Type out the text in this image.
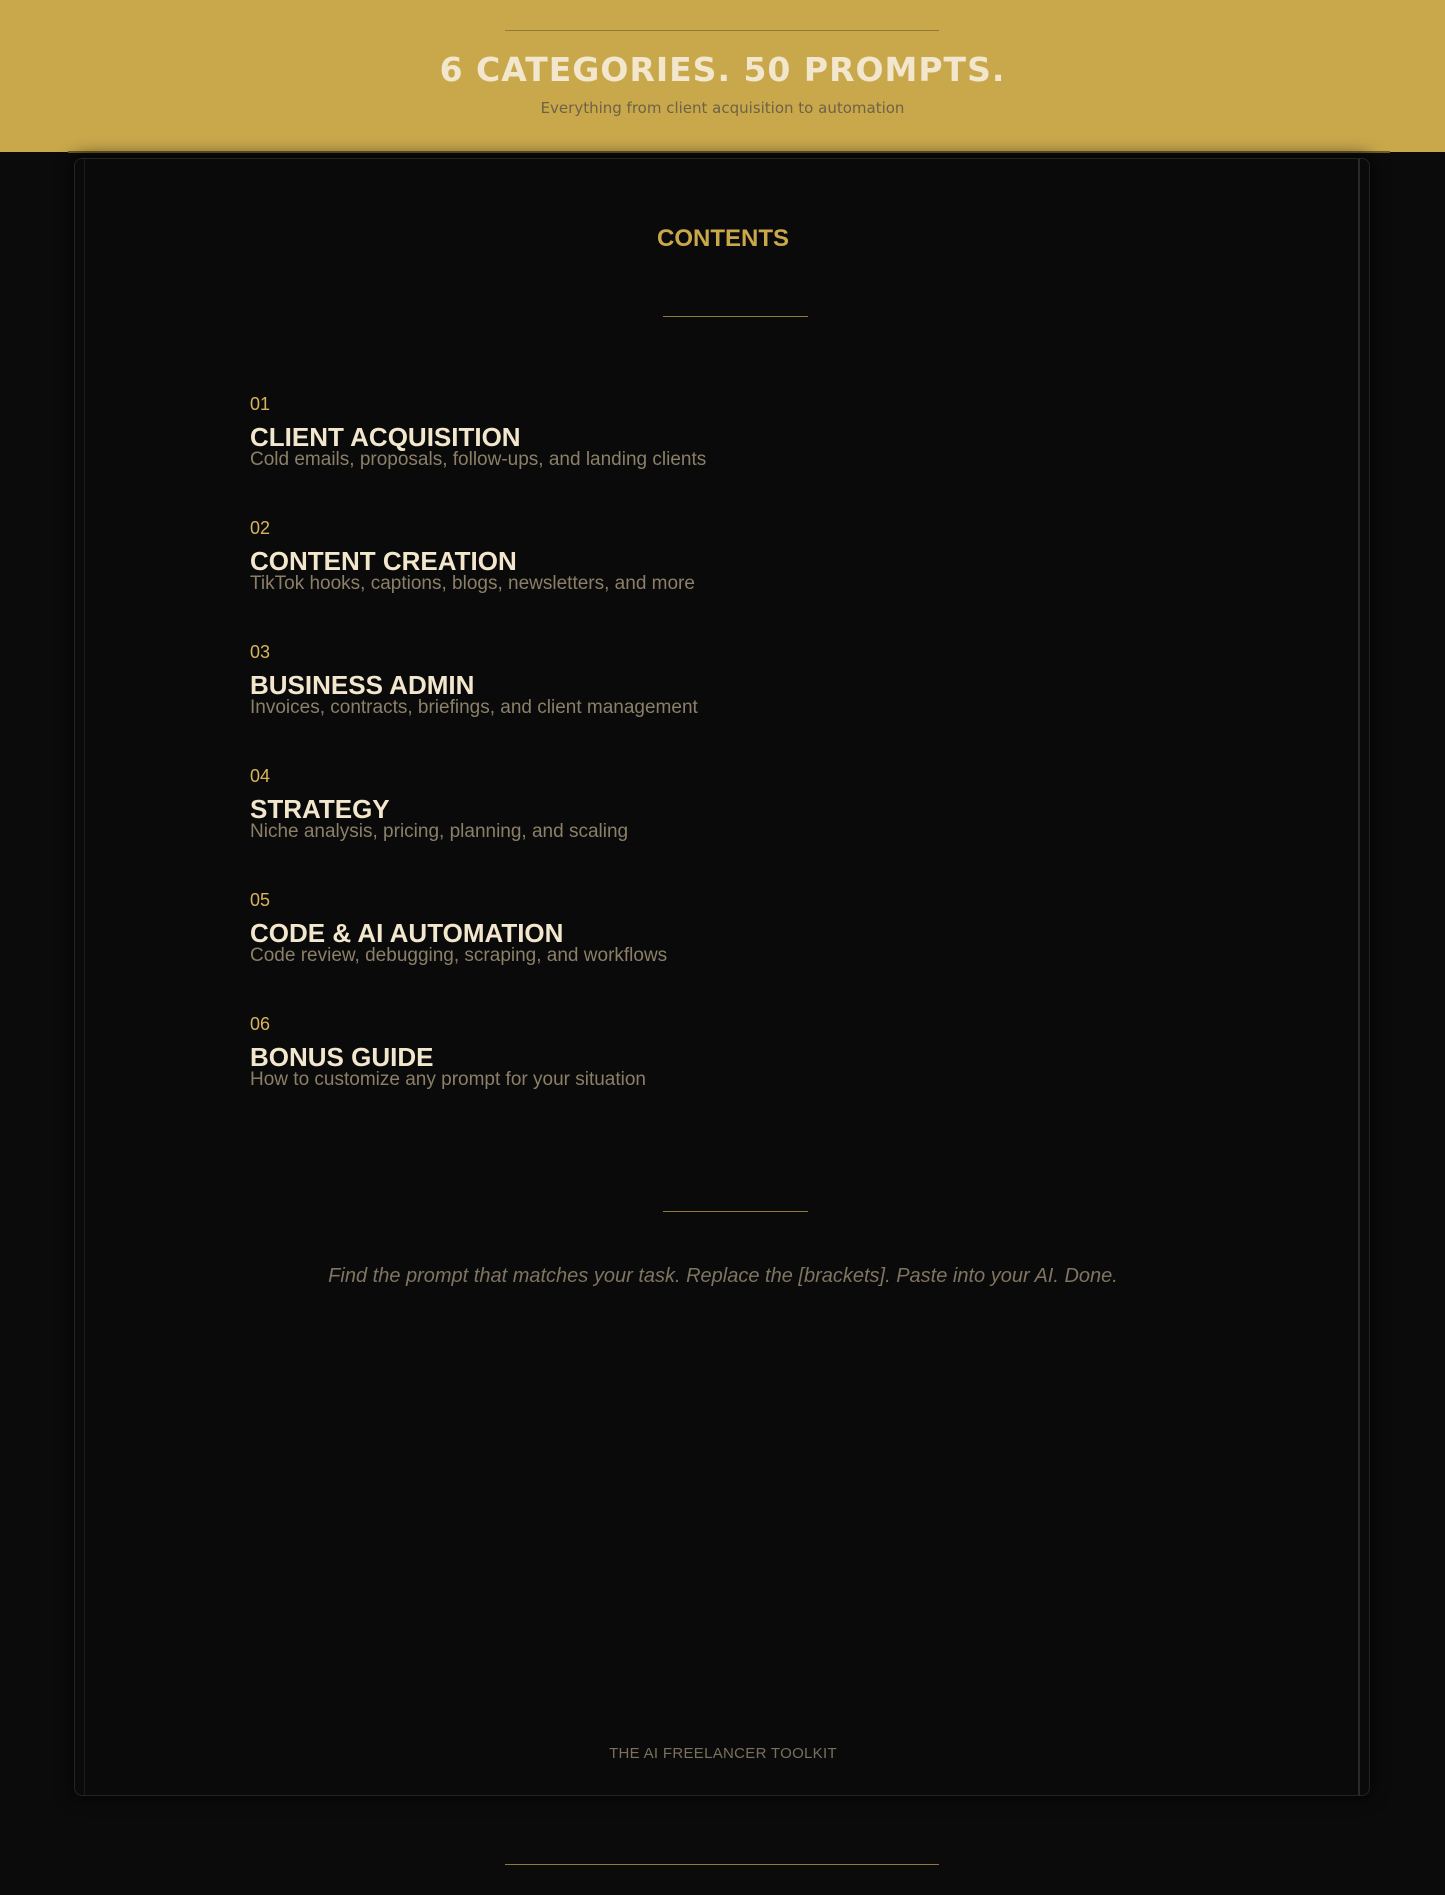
6 CATEGORIES. 50 PROMPTS.
Everything from client acquisition to automation
CONTENTS
01
CLIENT ACQUISITION
Cold emails, proposals, follow-ups, and landing clients
02
CONTENT CREATION
TikTok hooks, captions, blogs, newsletters, and more
03
BUSINESS ADMIN
Invoices, contracts, briefings, and client management
04
STRATEGY
Niche analysis, pricing, planning, and scaling
05
CODE & AI AUTOMATION
Code review, debugging, scraping, and workflows
06
BONUS GUIDE
How to customize any prompt for your situation
Find the prompt that matches your task. Replace the [brackets]. Paste into your AI. Done.
THE AI FREELANCER TOOLKIT
